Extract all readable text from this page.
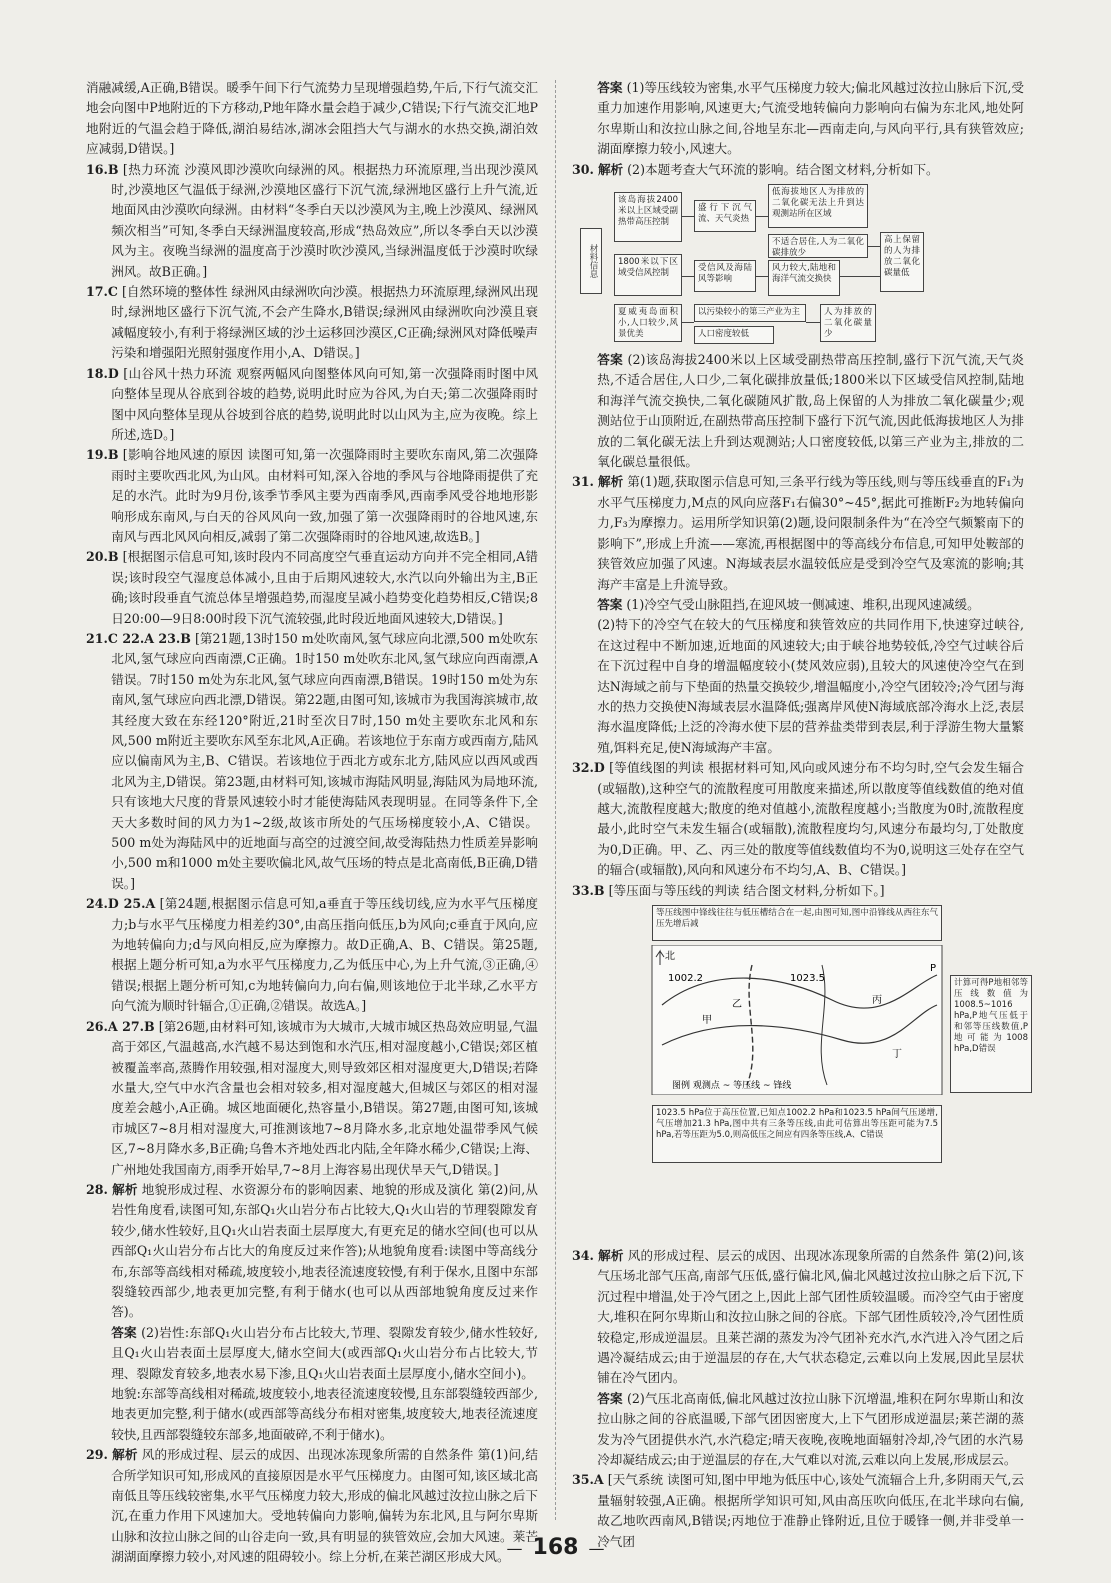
消融减缓,A正确,B错误。暖季午间下行气流势力呈现增强趋势,午后,下行气流交汇地会向图中P地附近的下方移动,P地年降水量会趋于减少,C错误;下行气流交汇地P地附近的气温会趋于降低,湖泊易结冰,湖冰会阻挡大气与湖水的水热交换,湖泊效应减弱,D错误。]
16.B [热力环流 沙漠风即沙漠吹向绿洲的风。根据热力环流原理,当出现沙漠风时,沙漠地区气温低于绿洲,沙漠地区盛行下沉气流,绿洲地区盛行上升气流,近地面风由沙漠吹向绿洲。由材料“冬季白天以沙漠风为主,晚上沙漠风、绿洲风频次相当”可知,冬季白天绿洲温度较高,形成“热岛效应”,所以冬季白天以沙漠风为主。夜晚当绿洲的温度高于沙漠时吹沙漠风,当绿洲温度低于沙漠时吹绿洲风。故B正确。]
17.C [自然环境的整体性 绿洲风由绿洲吹向沙漠。根据热力环流原理,绿洲风出现时,绿洲地区盛行下沉气流,不会产生降水,B错误;绿洲风由绿洲吹向沙漠且衰减幅度较小,有利于将绿洲区域的沙土运移回沙漠区,C正确;绿洲风对降低噪声污染和增强阳光照射强度作用小,A、D错误。]
18.D [山谷风十热力环流 观察两幅风向图整体风向可知,第一次强降雨时图中风向整体呈现从谷底到谷坡的趋势,说明此时应为谷风,为白天;第二次强降雨时图中风向整体呈现从谷坡到谷底的趋势,说明此时以山风为主,应为夜晚。综上所述,选D。]
19.B [影响谷地风速的原因 读图可知,第一次强降雨时主要吹东南风,第二次强降雨时主要吹西北风,为山风。由材料可知,深入谷地的季风与谷地降雨提供了充足的水汽。此时为9月份,该季节季风主要为西南季风,西南季风受谷地地形影响形成东南风,与白天的谷风风向一致,加强了第一次强降雨时的谷地风速,东南风与西北风风向相反,减弱了第二次强降雨时的谷地风速,故选B。]
20.B [根据图示信息可知,该时段内不同高度空气垂直运动方向并不完全相同,A错误;该时段空气湿度总体减小,且由于后期风速较大,水汽以向外输出为主,B正确;该时段垂直气流总体呈增强趋势,而湿度呈减小趋势变化趋势相反,C错误;8日20:00—9日8:00时段下沉气流较强,此时段近地面风速较大,D错误。]
21.C 22.A 23.B [第21题,13时150 m处吹南风,氢气球应向北漂,500 m处吹东北风,氢气球应向西南漂,C正确。1时150 m处吹东北风,氢气球应向西南漂,A错误。7时150 m处为东北风,氢气球应向西南漂,B错误。19时150 m处为东南风,氢气球应向西北漂,D错误。第22题,由图可知,该城市为我国海滨城市,故其经度大致在东经120°附近,21时至次日7时,150 m处主要吹东北风和东风,500 m附近主要吹东风至东北风,A正确。若该地位于东南方或西南方,陆风应以偏南风为主,B、C错误。若该地位于西北方或东北方,陆风应以西风或西北风为主,D错误。第23题,由材料可知,该城市海陆风明显,海陆风为局地环流,只有该地大尺度的背景风速较小时才能使海陆风表现明显。在同等条件下,全天大多数时间的风力为1~2级,故该市所处的气压场梯度较小,A、C错误。500 m处为海陆风中的近地面与高空的过渡空间,故受海陆热力性质差异影响小,500 m和1000 m处主要吹偏北风,故气压场的特点是北高南低,B正确,D错误。]
24.D 25.A [第24题,根据图示信息可知,a垂直于等压线切线,应为水平气压梯度力;b与水平气压梯度力相差约30°,由高压指向低压,b为风向;c垂直于风向,应为地转偏向力;d与风向相反,应为摩擦力。故D正确,A、B、C错误。第25题,根据上题分析可知,a为水平气压梯度力,乙为低压中心,为上升气流,③正确,④错误;根据上题分析可知,c为地转偏向力,向右偏,则该地位于北半球,乙水平方向气流为顺时针辐合,①正确,②错误。故选A。]
26.A 27.B [第26题,由材料可知,该城市为大城市,大城市城区热岛效应明显,气温高于郊区,气温越高,水汽越不易达到饱和水汽压,相对湿度越小,C错误;郊区植被覆盖率高,蒸腾作用较强,相对湿度大,则导致郊区相对湿度更大,D错误;若降水量大,空气中水汽含量也会相对较多,相对湿度越大,但城区与郊区的相对湿度差会越小,A正确。城区地面硬化,热容量小,B错误。第27题,由图可知,该城市城区7~8月相对湿度大,可推测该地7~8月降水多,北京地处温带季风气候区,7~8月降水多,B正确;乌鲁木齐地处西北内陆,全年降水稀少,C错误;上海、广州地处我国南方,雨季开始早,7~8月上海容易出现伏旱天气,D错误。]
28. 解析 地貌形成过程、水资源分布的影响因素、地貌的形成及演化 第(2)问,从岩性角度看,读图可知,东部Q₁火山岩分布占比较大,Q₁火山岩的节理裂隙发育较少,储水性较好,且Q₁火山岩表面土层厚度大,有更充足的储水空间(也可以从西部Q₁火山岩分布占比大的角度反过来作答);从地貌角度看:读图中等高线分布,东部等高线相对稀疏,坡度较小,地表径流速度较慢,有利于保水,且图中东部裂缝较西部少,地表更加完整,有利于储水(也可以从西部地貌角度反过来作答)。
答案 (2)岩性:东部Q₁火山岩分布占比较大,节理、裂隙发育较少,储水性较好,且Q₁火山岩表面土层厚度大,储水空间大(或西部Q₁火山岩分布占比较大,节理、裂隙发育较多,地表水易下渗,且Q₁火山岩表面土层厚度小,储水空间小)。
地貌:东部等高线相对稀疏,坡度较小,地表径流速度较慢,且东部裂缝较西部少,地表更加完整,利于储水(或西部等高线分布相对密集,坡度较大,地表径流速度较快,且西部裂缝较东部多,地面破碎,不利于储水)。
29. 解析 风的形成过程、层云的成因、出现冰冻现象所需的自然条件 第(1)问,结合所学知识可知,形成风的直接原因是水平气压梯度力。由图可知,该区域北高南低且等压线较密集,水平气压梯度力较大,形成的偏北风越过汝拉山脉之后下沉,在重力作用下风速加大。受地转偏向力影响,偏转为东北风,且与阿尔卑斯山脉和汝拉山脉之间的山谷走向一致,具有明显的狭管效应,会加大风速。莱芒湖湖面摩擦力较小,对风速的阻碍较小。综上分析,在莱芒湖区形成大风。
答案 (1)等压线较为密集,水平气压梯度力较大;偏北风越过汝拉山脉后下沉,受重力加速作用影响,风速更大;气流受地转偏向力影响向右偏为东北风,地处阿尔卑斯山和汝拉山脉之间,谷地呈东北—西南走向,与风向平行,具有狭管效应;湖面摩擦力较小,风速大。
30. 解析 (2)本题考查大气环流的影响。结合图文材料,分析如下。
材料信息
该岛海拔2400米以上区域受副热带高压控制
盛行下沉气流、天气炎热
低海拔地区人为排放的二氧化碳无法上升到达观测站所在区域
不适合居住,人为二氧化碳排放少
高上保留的人为排放二氧化碳量低
1800米以下区域受信风控制	受信风及海陆风等影响
风力较大,陆地和海洋气流交换快
夏威夷岛面积小,人口较少,风景优美
以污染较小的第三产业为主
人口密度较低
人为排放的二氧化碳量少
答案 (2)该岛海拔2400米以上区域受副热带高压控制,盛行下沉气流,天气炎热,不适合居住,人口少,二氧化碳排放量低;1800米以下区域受信风控制,陆地和海洋气流交换快,二氧化碳随风扩散,岛上保留的人为排放二氧化碳量少;观测站位于山顶附近,在副热带高压控制下盛行下沉气流,因此低海拔地区人为排放的二氧化碳无法上升到达观测站;人口密度较低,以第三产业为主,排放的二氧化碳总量很低。
31. 解析 第(1)题,获取图示信息可知,三条平行线为等压线,则与等压线垂直的F₁为水平气压梯度力,M点的风向应落F₁右偏30°~45°,据此可推断F₂为地转偏向力,F₃为摩擦力。运用所学知识第(2)题,设问限制条件为“在冷空气频繁南下的影响下”,形成上升流——寒流,再根据图中的等高线分布信息,可知甲处鞍部的狭管效应加强了风速。N海域表层水温较低应是受到冷空气及寒流的影响;其海产丰富是上升流导致。
答案 (1)冷空气受山脉阻挡,在迎风坡一侧减速、堆积,出现风速减缓。
(2)特下的冷空气在较大的气压梯度和狭管效应的共同作用下,快速穿过峡谷,在这过程中不断加速,近地面的风速较大;由于峡谷地势较低,冷空气过峡谷后在下沉过程中自身的增温幅度较小(焚风效应弱),且较大的风速使冷空气在到达N海域之前与下垫面的热量交换较少,增温幅度小,冷空气团较冷;冷气团与海水的热力交换使N海域表层水温降低;强离岸风使N海域底部冷海水上泛,表层海水温度降低;上泛的冷海水使下层的营养盐类带到表层,利于浮游生物大量繁殖,饵料充足,使N海域海产丰富。
32.D [等值线图的判读 根据材料可知,风向或风速分布不均匀时,空气会发生辐合(或辐散),这种空气的流散程度可用散度来描述,所以散度等值线数值的绝对值越大,流散程度越大;散度的绝对值越小,流散程度越小;当散度为0时,流散程度最小,此时空气未发生辐合(或辐散),流散程度均匀,风速分布最均匀,丁处散度为0,D正确。甲、乙、丙三处的散度等值线数值均不为0,说明这三处存在空气的辐合(或辐散),风向和风速分布不均匀,A、B、C错误。]
33.B [等压面与等压线的判读 结合图文材料,分析如下。]
等压线图中锋线往往与低压槽结合在一起,由图可知,图中沿锋线从西往东气压先增后减
北
1002.2	1023.5
甲
乙	丙
丁
P
图例 观测点 ~ 等压线 ~ 锋线
计算可得P地相邻等压线数值为1008.5~1016 hPa,P地气压低于和邻等压线数值,P地可能为1008 hPa,D错误
1023.5 hPa位于高压位置,已知点1002.2 hPa和1023.5 hPa间气压递增,气压增加21.3 hPa,图中共有三条等压线,由此可估算出等压距可能为7.5 hPa,若等压距为5.0,则高低压之间应有四条等压线,A、C错误
34. 解析 风的形成过程、层云的成因、出现冰冻现象所需的自然条件 第(2)问,该气压场北部气压高,南部气压低,盛行偏北风,偏北风越过汝拉山脉之后下沉,下沉过程中增温,处于冷气团之上,因此上部气团性质较温暖。而冷空气由于密度大,堆积在阿尔卑斯山和汝拉山脉之间的谷底。下部气团性质较冷,冷气团性质较稳定,形成逆温层。且莱芒湖的蒸发为冷气团补充水汽,水汽进入冷气团之后遇冷凝结成云;由于逆温层的存在,大气状态稳定,云难以向上发展,因此呈层状铺在冷气团内。
答案 (2)气压北高南低,偏北风越过汝拉山脉下沉增温,堆积在阿尔卑斯山和汝拉山脉之间的谷底温暖,下部气团因密度大,上下气团形成逆温层;莱芒湖的蒸发为冷气团提供水汽,水汽稳定;晴天夜晚,夜晚地面辐射冷却,冷气团的水汽易冷却凝结成云;由于逆温层的存在,大气难以对流,云难以向上发展,形成层云。
35.A [天气系统 读图可知,图中甲地为低压中心,该处气流辐合上升,多阴雨天气,云量辐射较强,A正确。根据所学知识可知,风由高压吹向低压,在北半球向右偏,故乙地吹西南风,B错误;丙地位于准静止锋附近,且位于暖锋一侧,并非受单一冷气团
— 168 —
